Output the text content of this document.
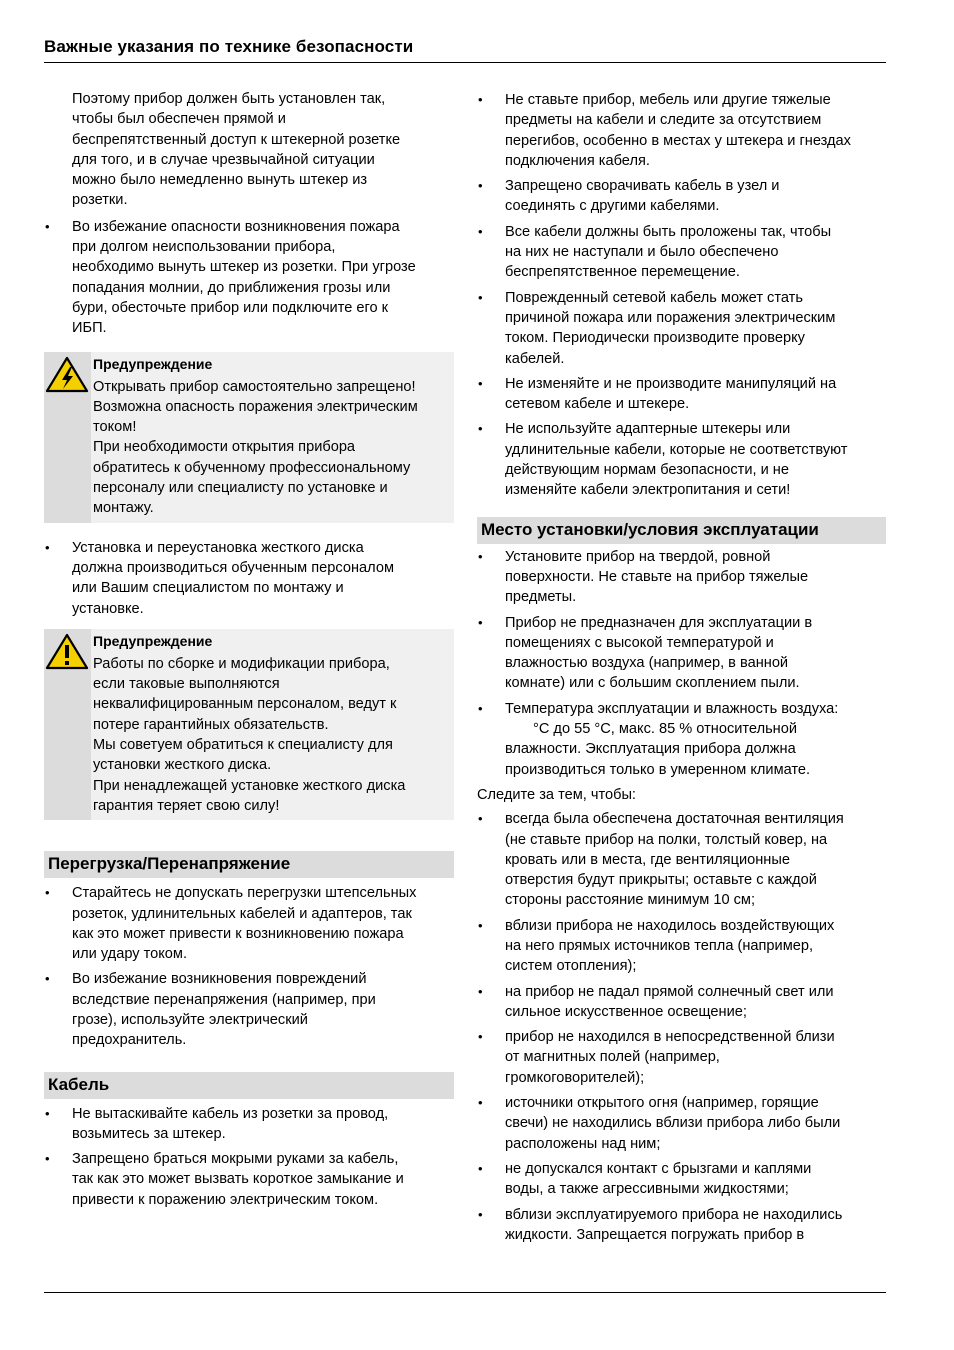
Важные указания по технике безопасности

Поэтому прибор должен быть установлен так,
чтобы был обеспечен прямой и
беспрепятственный доступ к штекерной розетке
для того, и в случае чрезвычайной ситуации
можно было немедленно вынуть штекер из
розетки.

• Во избежание опасности возникновения пожара
при долгом неиспользовании прибора,
необходимо вынуть штекер из розетки. При угрозе
попадания молнии, до приближения грозы или
бури, обесточьте прибор или подключите его к
ИБП.
Предупреждение
Открывать прибор самостоятельно запрещено!
Возможна опасность поражения электрическим
током!
При необходимости открытия прибора
обратитесь к обученному профессиональному
персоналу или специалисту по установке и
монтажу.
• Установка и переустановка жесткого диска
должна производиться обученным персоналом
или Вашим специалистом по монтажу и
установке.
Предупреждение
Работы по сборке и модификации прибора,
если таковые выполняются
неквалифицированным персоналом, ведут к
потере гарантийных обязательств.
Мы советуем обратиться к специалисту для
установки жесткого диска.
При ненадлежащей установке жесткого диска
гарантия теряет свою силу!
Перегрузка/Перенапряжение
• Старайтесь не допускать перегрузки штепсельных
розеток, удлинительных кабелей и адаптеров, так
как это может привести к возникновению пожара
или удару током.
• Во избежание возникновения повреждений
вследствие перенапряжения (например, при
грозе), используйте электрический
предохранитель.
Кабель
• Не вытаскивайте кабель из розетки за провод,
возьмитесь за штекер.
• Запрещено браться мокрыми руками за кабель,
так как это может вызвать короткое замыкание и
привести к поражению электрическим током.
• Не ставьте прибор, мебель или другие тяжелые
предметы на кабели и следите за отсутствием
перегибов, особенно в местах у штекера и гнездах
подключения кабеля.
• Запрещено сворачивать кабель в узел и
соединять с другими кабелями.
• Все кабели должны быть проложены так, чтобы
на них не наступали и было обеспечено
беспрепятственное перемещение.
• Поврежденный сетевой кабель может стать
причиной пожара или поражения электрическим
током. Периодически производите проверку
кабелей.
• Не изменяйте и не производите манипуляций на
сетевом кабеле и штекере.
• Не используйте адаптерные штекеры или
удлинительные кабели, которые не соответствуют
действующим нормам безопасности, и не
изменяйте кабели электропитания и сети!
Место установки/условия эксплуатации
• Установите прибор на твердой, ровной
поверхности. Не ставьте на прибор тяжелые
предметы.
• Прибор не предназначен для эксплуатации в
помещениях с высокой температурой и
влажностью воздуха (например, в ванной
комнате) или с большим скоплением пыли.
• Температура эксплуатации и влажность воздуха:
°C до 55 °C, макс. 85 % относительной
влажности. Эксплуатация прибора должна
производиться только в умеренном климате.

Следите за тем, чтобы:

• всегда была обеспечена достаточная вентиляция
(не ставьте прибор на полки, толстый ковер, на
кровать или в места, где вентиляционные
отверстия будут прикрыты; оставьте с каждой
стороны расстояние минимум 10 см;
• вблизи прибора не находилось воздействующих
на него прямых источников тепла (например,
систем отопления);
• на прибор не падал прямой солнечный свет или
сильное искусственное освещение;
• прибор не находился в непосредственной близи
от магнитных полей (например,
громкоговорителей);
• источники открытого огня (например, горящие
свечи) не находились вблизи прибора либо были
расположены над ним;
• не допускался контакт с брызгами и каплями
воды, а также агрессивными жидкостями;
• вблизи эксплуатируемого прибора не находились
жидкости. Запрещается погружать прибор в
